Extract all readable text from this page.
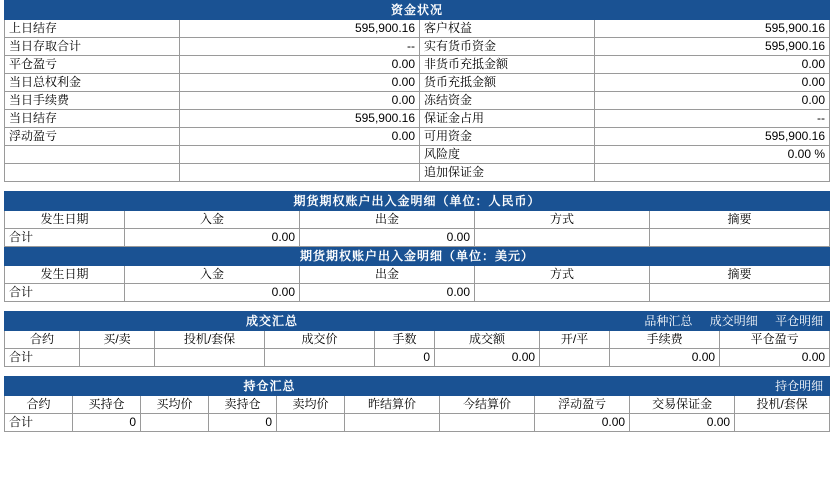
资金状况			
上日结存	595,900.16	客户权益	595,900.16
当日存取合计	--	实有货币资金	595,900.16
平仓盈亏	0.00	非货币充抵金额	0.00
当日总权利金	0.00	货币充抵金额	0.00
当日手续费	0.00	冻结资金	0.00
当日结存	595,900.16	保证金占用	--
浮动盈亏	0.00	可用资金	595,900.16
		风险度	0.00 %
		追加保证金	

期货期权账户出入金明细（单位：人民币）				
发生日期	入金	出金	方式	摘要
合计	0.00	0.00		
期货期权账户出入金明细（单位：美元）				
发生日期	入金	出金	方式	摘要
合计	0.00	0.00		

成交汇总						品种汇总 成交明细 平仓明细		
合约	买/卖	投机/套保	成交价	手数	成交额	开/平	手续费	平仓盈亏
合计				0	0.00		0.00	0.00

持仓汇总							持仓明细		
合约	买持仓	买均价	卖持仓	卖均价	昨结算价	今结算价	浮动盈亏	交易保证金	投机/套保
合计	0		0				0.00	0.00	
